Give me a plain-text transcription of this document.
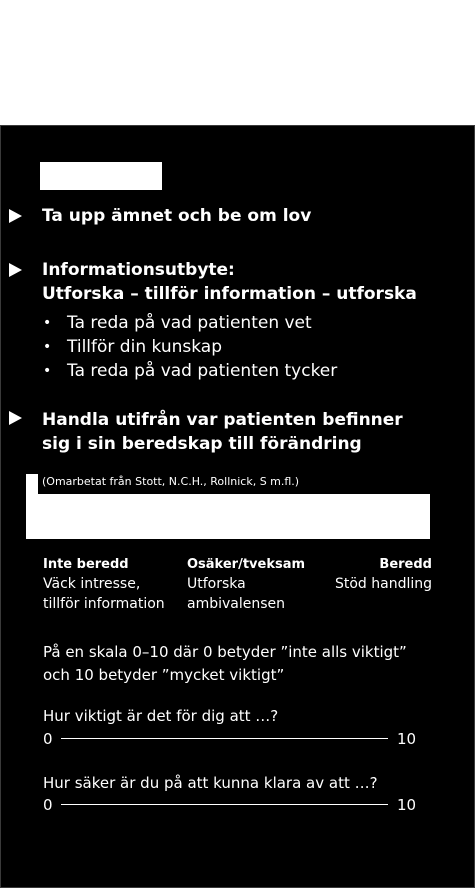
Ta upp ämnet och be om lov
Informationsutbyte:
Utforska – tillför information – utforska
• Ta reda på vad patienten vet
• Tillför din kunskap
• Ta reda på vad patienten tycker
Handla utifrån var patienten befinner
sig i sin beredskap till förändring
(Omarbetat från Stott, N.C.H., Rollnick, S m.fl.)
Inte beredd
Väck intresse,
tillför information
Osäker/tveksam
Utforska
ambivalensen
Beredd
Stöd handling
På en skala 0–10 där 0 betyder ”inte alls viktigt”
och 10 betyder ”mycket viktigt”
Hur viktigt är det för dig att …?
0	10
Hur säker är du på att kunna klara av att …?
0	10
